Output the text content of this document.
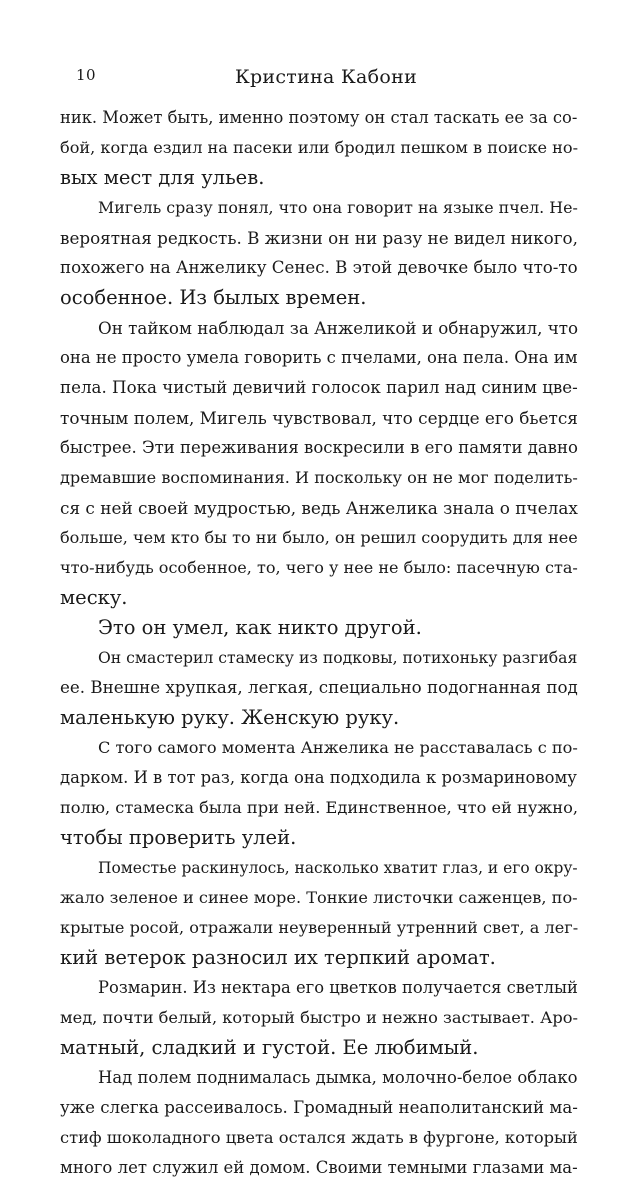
10	Кристина Кабони
ник. Может быть, именно поэтому он стал таскать ее за со-
бой, когда ездил на пасеки или бродил пешком в поиске но-
вых мест для ульев.
Мигель сразу понял, что она говорит на языке пчел. Не-
вероятная редкость. В жизни он ни разу не видел никого,
похожего на Анжелику Сенес. В этой девочке было что-то
особенное. Из былых времен.
Он тайком наблюдал за Анжеликой и обнаружил, что
она не просто умела говорить с пчелами, она пела. Она им
пела. Пока чистый девичий голосок парил над синим цве-
точным полем, Мигель чувствовал, что сердце его бьется
быстрее. Эти переживания воскресили в его памяти давно
дремавшие воспоминания. И поскольку он не мог поделить-
ся с ней своей мудростью, ведь Анжелика знала о пчелах
больше, чем кто бы то ни было, он решил соорудить для нее
что-нибудь особенное, то, чего у нее не было: пасечную ста-
меску.
Это он умел, как никто другой.
Он смастерил стамеску из подковы, потихоньку разгибая
ее. Внешне хрупкая, легкая, специально подогнанная под
маленькую руку. Женскую руку.
С того самого момента Анжелика не расставалась с по-
дарком. И в тот раз, когда она подходила к розмариновому
полю, стамеска была при ней. Единственное, что ей нужно,
чтобы проверить улей.
Поместье раскинулось, насколько хватит глаз, и его окру-
жало зеленое и синее море. Тонкие листочки саженцев, по-
крытые росой, отражали неуверенный утренний свет, а лег-
кий ветерок разносил их терпкий аромат.
Розмарин. Из нектара его цветков получается светлый
мед, почти белый, который быстро и нежно застывает. Аро-
матный, сладкий и густой. Ее любимый.
Над полем поднималась дымка, молочно-белое облако
уже слегка рассеивалось. Громадный неаполитанский ма-
стиф шоколадного цвета остался ждать в фургоне, который
много лет служил ей домом. Своими темными глазами ма-
